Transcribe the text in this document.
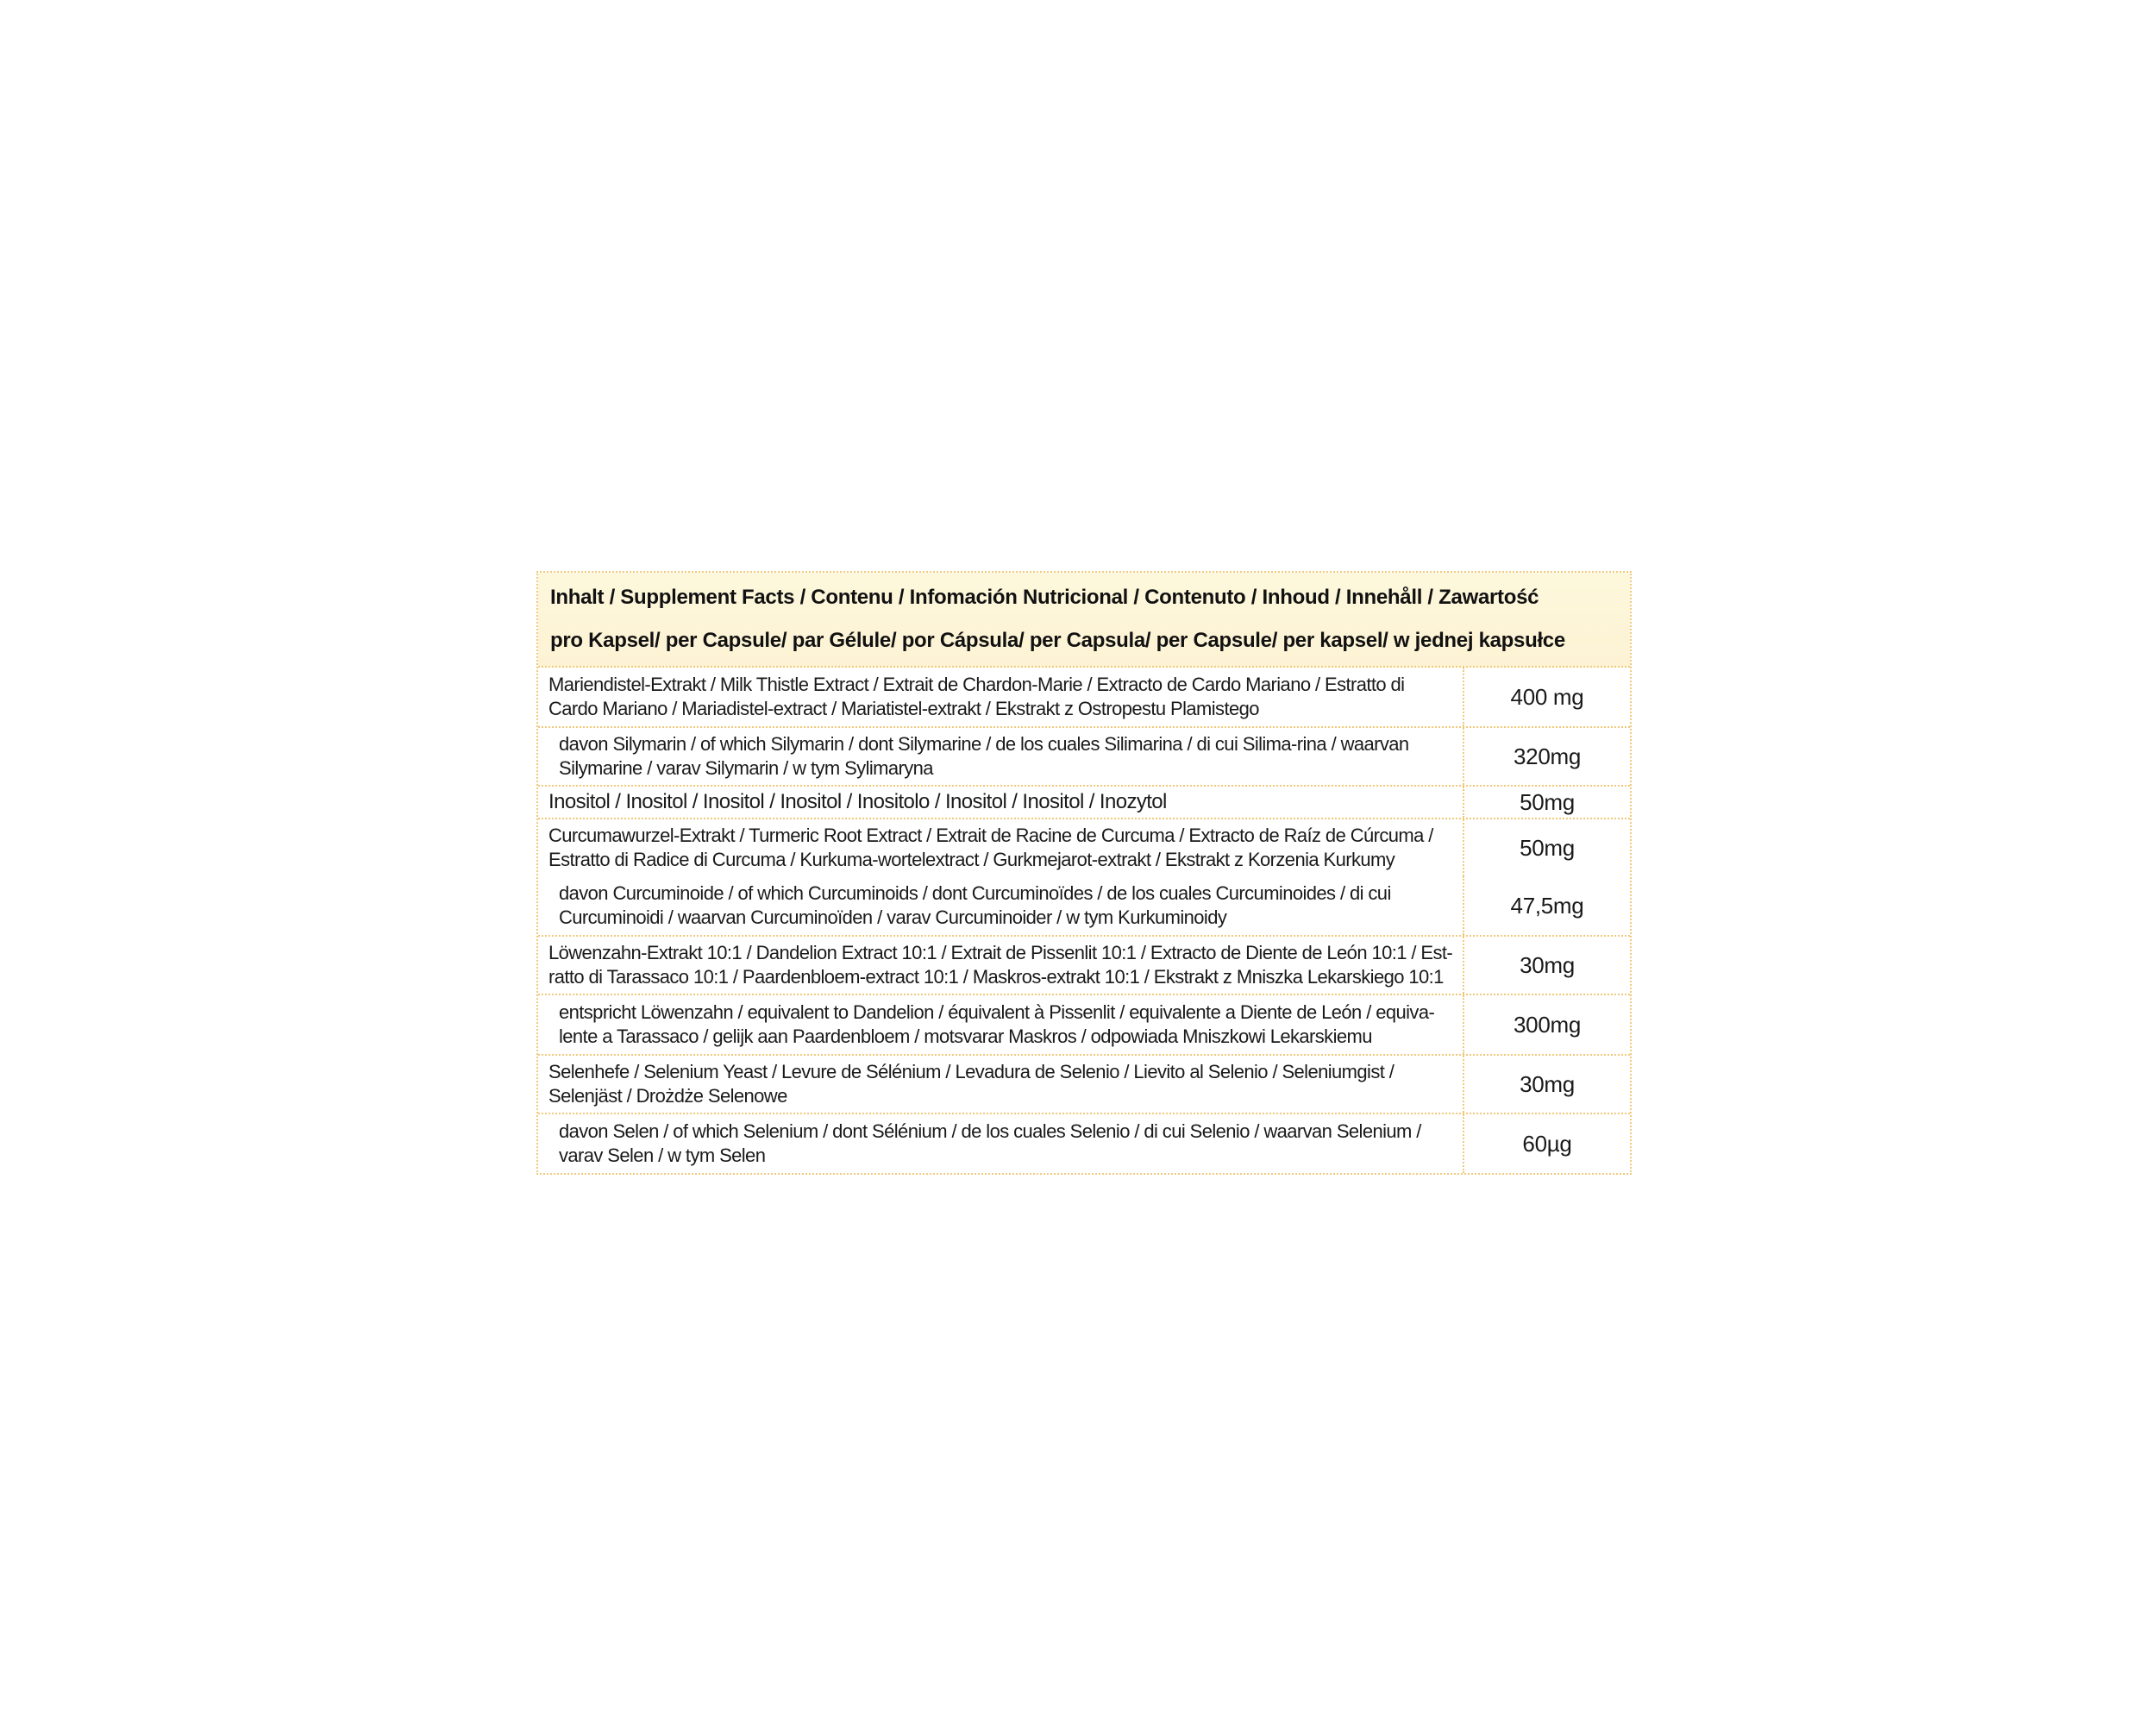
Inhalt / Supplement Facts / Contenu / Infomación Nutricional / Contenuto / Inhoud / Innehåll / Zawartość
pro Kapsel/ per Capsule/ par Gélule/ por Cápsula/ per Capsula/ per Capsule/ per kapsel/ w jednej kapsułce
Mariendistel-Extrakt / Milk Thistle Extract / Extrait de Chardon-Marie / Extracto de Cardo Mariano / Estratto di Cardo Mariano / Mariadistel-extract / Mariatistel-extrakt / Ekstrakt z Ostropestu Plamistego	400 mg
davon Silymarin / of which Silymarin / dont Silymarine / de los cuales Silimarina / di cui Silima-rina / waarvan Silymarine / varav Silymarin / w tym Sylimaryna	320mg
Inositol / Inositol / Inositol / Inositol / Inositolo / Inositol / Inositol / Inozytol	50mg
Curcumawurzel-Extrakt / Turmeric Root Extract / Extrait de Racine de Curcuma / Extracto de Raíz de Cúrcuma / Estratto di Radice di Curcuma / Kurkuma-wortelextract / Gurkmejarot-extrakt / Ekstrakt z Korzenia Kurkumy	50mg
davon Curcuminoide / of which Curcuminoids / dont Curcuminoïdes / de los cuales Curcuminoides / di cui Curcuminoidi / waarvan Curcuminoïden / varav Curcuminoider / w tym Kurkuminoidy	47,5mg
Löwenzahn-Extrakt 10:1 / Dandelion Extract 10:1 / Extrait de Pissenlit 10:1 / Extracto de Diente de León 10:1 / Est-ratto di Tarassaco 10:1 / Paardenbloem-extract 10:1 / Maskros-extrakt 10:1 / Ekstrakt z Mniszka Lekarskiego 10:1	30mg
entspricht Löwenzahn / equivalent to Dandelion / équivalent à Pissenlit / equivalente a Diente de León / equiva-lente a Tarassaco / gelijk aan Paardenbloem / motsvarar Maskros / odpowiada Mniszkowi Lekarskiemu	300mg
Selenhefe / Selenium Yeast / Levure de Sélénium / Levadura de Selenio / Lievito al Selenio / Seleniumgist / Selenjäst / Drożdże Selenowe	30mg
davon Selen / of which Selenium / dont Sélénium / de los cuales Selenio / di cui Selenio / waarvan Selenium / varav Selen / w tym Selen	60µg
